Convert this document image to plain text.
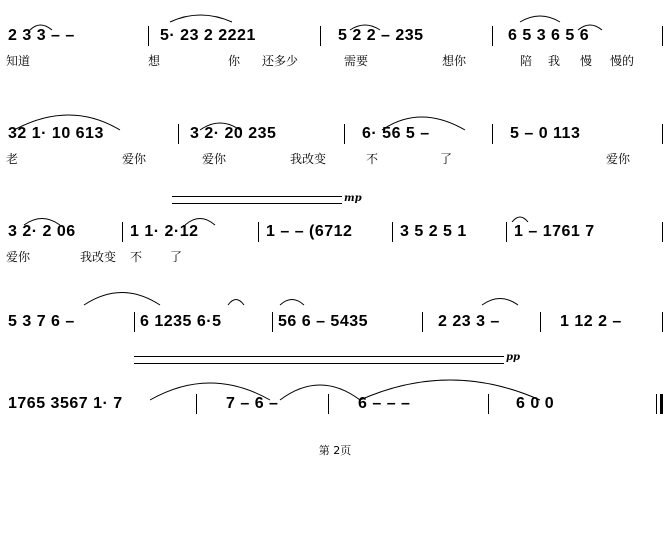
2 3 3 – –

	5· 23 2 2221

	5 2 2 – 235

	6 5 3 6 5 6

知道	想	你 还多少	需要	想你	陪 我 慢 慢的

32 1· 10 613

	3 2· 20 235

	6· 56 5 –

	5 – 0 113

老	爱你	爱你	我改变	不	了	爱你
mp

3 2· 2 06

	1 1· 2·12

	1 – – (6712

	3 5 2 5 1

	1 – 1761 7

爱你	我改变 不 了

5 3 7 6 –

	6 1235 6·5

	56 6 – 5435

	2 23 3 –

	1 12 2 –

pp

1765 3567 1· 7

	7 – 6 –

	6 – – –

	6 0 0

第 2页
